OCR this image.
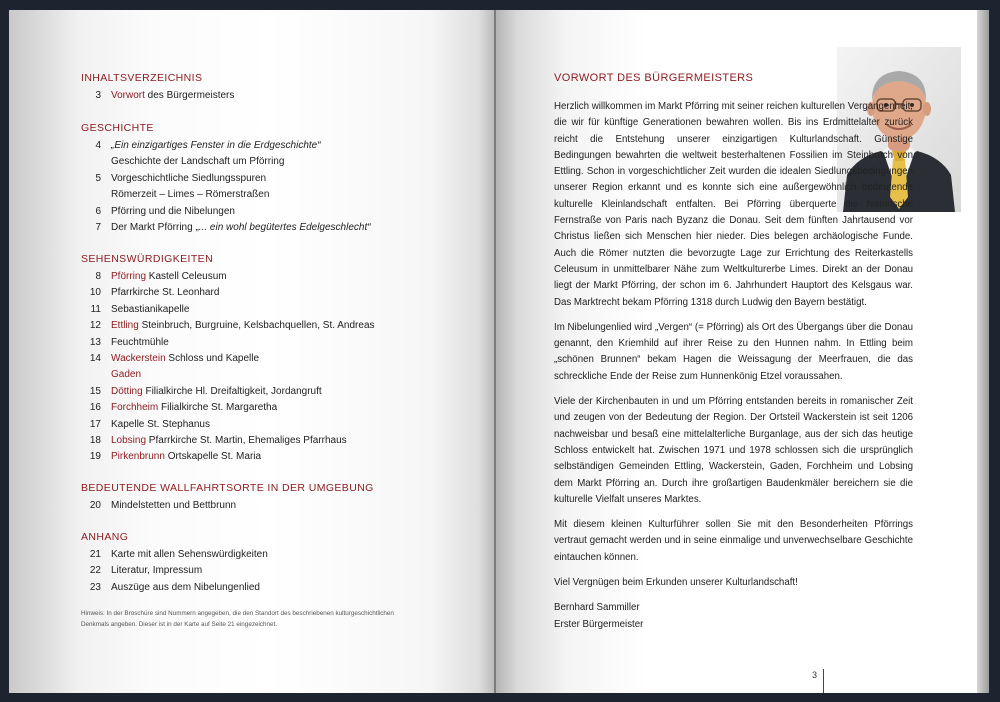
INHALTSVERZEICHNIS
3 Vorwort des Bürgermeisters
GESCHICHTE
4 „Ein einzigartiges Fenster in die Erdgeschichte“
Geschichte der Landschaft um Pförring
5 Vorgeschichtliche Siedlungsspuren
Römerzeit – Limes – Römerstraßen
6 Pförring und die Nibelungen
7 Der Markt Pförring „... ein wohl begütertes Edelgeschlecht“
SEHENSWÜRDIGKEITEN
8 Pförring Kastell Celeusum
10 Pfarrkirche St. Leonhard
11 Sebastianikapelle
12 Ettling Steinbruch, Burgruine, Kelsbachquellen, St. Andreas
13 Feuchtmühle
14 Wackerstein Schloss und Kapelle
Gaden
15 Dötting Filialkirche Hl. Dreifaltigkeit, Jordangruft
16 Forchheim Filialkirche St. Margaretha
17 Kapelle St. Stephanus
18 Lobsing Pfarrkirche St. Martin, Ehemaliges Pfarrhaus
19 Pirkenbrunn Ortskapelle St. Maria
BEDEUTENDE WALLFAHRTSORTE IN DER UMGEBUNG
20 Mindelstetten und Bettbrunn
ANHANG
21 Karte mit allen Sehenswürdigkeiten
22 Literatur, Impressum
23 Auszüge aus dem Nibelungenlied

Hinweis: In der Broschüre sind Nummern angegeben, die den Standort des beschriebenen kulturgeschichtlichen Denkmals angeben. Dieser ist in der Karte auf Seite 21 eingezeichnet.

VORWORT DES BÜRGERMEISTERS

Herzlich willkommen im Markt Pförring mit seiner reichen kulturellen Vergangenheit, die wir für künftige Generationen bewahren wollen. Bis ins Erdmittelalter zurück reicht die Entstehung unserer einzigartigen Kulturlandschaft. Günstige Bedingungen bewahrten die weltweit besterhaltenen Fossilien im Steinbruch von Ettling. Schon in vorgeschichtlicher Zeit wurden die idealen Siedlungsbedingungen unserer Region erkannt und es konnte sich eine außergewöhnlich bedeutende kulturelle Kleinlandschaft entfalten. Bei Pförring überquerte die historische Fernstraße von Paris nach Byzanz die Donau. Seit dem fünften Jahrtausend vor Christus ließen sich Menschen hier nieder. Dies belegen archäologische Funde. Auch die Römer nutzten die bevorzugte Lage zur Errichtung des Reiterkastells Celeusum in unmittelbarer Nähe zum Weltkulturerbe Limes. Direkt an der Donau liegt der Markt Pförring, der schon im 6. Jahrhundert Hauptort des Kelsgaus war. Das Marktrecht bekam Pförring 1318 durch Ludwig den Bayern bestätigt.

Im Nibelungenlied wird „Vergen“ (= Pförring) als Ort des Übergangs über die Donau genannt, den Kriemhild auf ihrer Reise zu den Hunnen nahm. In Ettling beim „schönen Brunnen“ bekam Hagen die Weissagung der Meerfrauen, die das schreckliche Ende der Reise zum Hunnenkönig Etzel voraussahen.

Viele der Kirchenbauten in und um Pförring entstanden bereits in romanischer Zeit und zeugen von der Bedeutung der Region. Der Ortsteil Wackerstein ist seit 1206 nachweisbar und besaß eine mittelalterliche Burganlage, aus der sich das heutige Schloss entwickelt hat. Zwischen 1971 und 1978 schlossen sich die ursprünglich selbständigen Gemeinden Ettling, Wackerstein, Gaden, Forchheim und Lobsing dem Markt Pförring an. Durch ihre großartigen Baudenkmäler bereichern sie die kulturelle Vielfalt unseres Marktes.

Mit diesem kleinen Kulturführer sollen Sie mit den Besonderheiten Pförrings vertraut gemacht werden und in seine einmalige und unverwechselbare Geschichte eintauchen können.

Viel Vergnügen beim Erkunden unserer Kulturlandschaft!

Bernhard Sammiller

Erster Bürgermeister

3
